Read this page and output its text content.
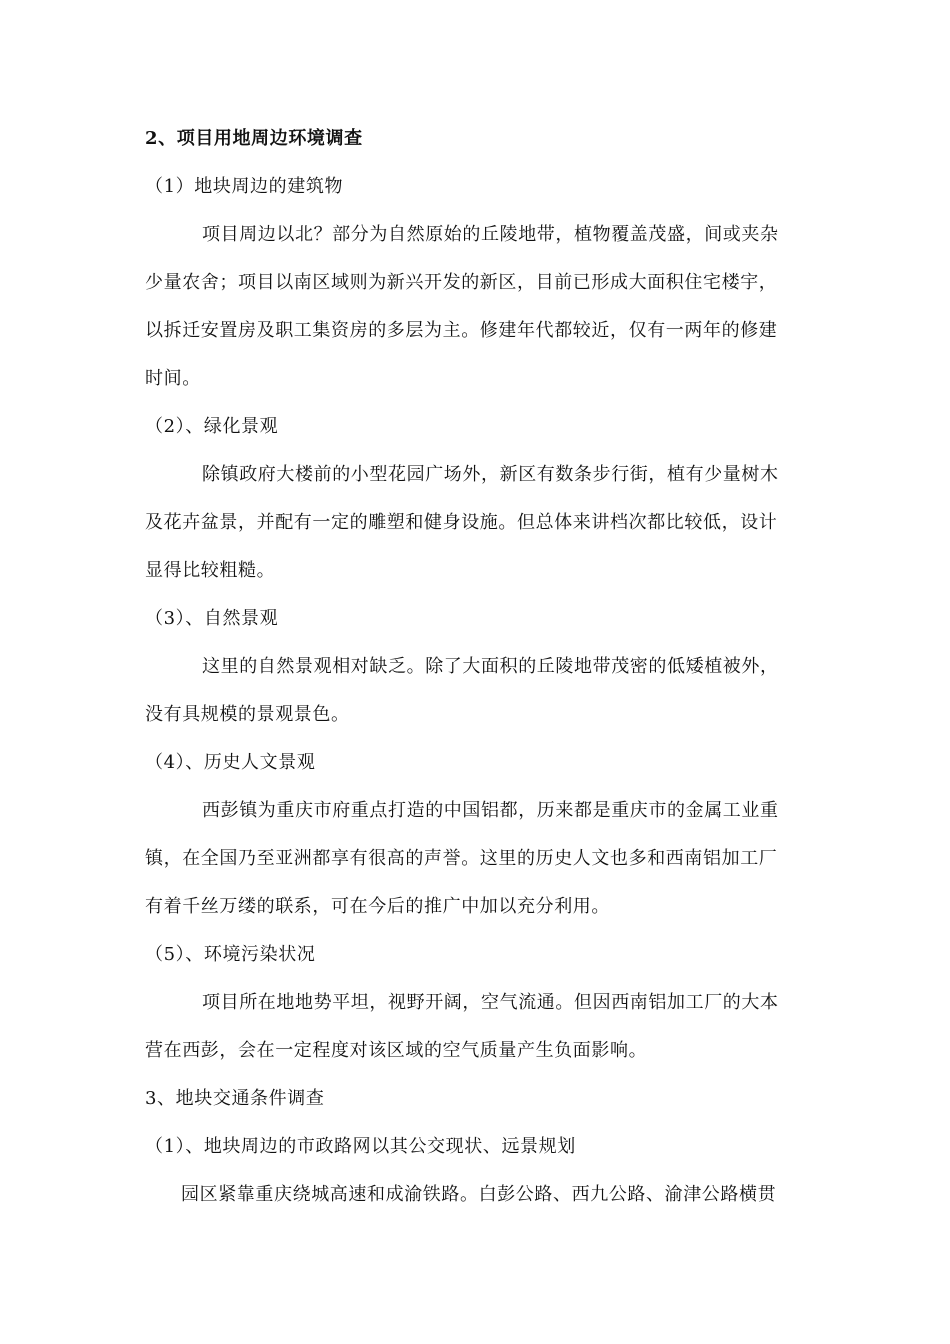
2、项目用地周边环境调查
（1）地块周边的建筑物
项目周边以北？部分为自然原始的丘陵地带，植物覆盖茂盛，间或夹杂
少量农舍；项目以南区域则为新兴开发的新区，目前已形成大面积住宅楼宇，
以拆迁安置房及职工集资房的多层为主。修建年代都较近，仅有一两年的修建
时间。
（2）、绿化景观
除镇政府大楼前的小型花园广场外，新区有数条步行街，植有少量树木
及花卉盆景，并配有一定的雕塑和健身设施。但总体来讲档次都比较低，设计
显得比较粗糙。
（3）、自然景观
这里的自然景观相对缺乏。除了大面积的丘陵地带茂密的低矮植被外，
没有具规模的景观景色。
（4）、历史人文景观
西彭镇为重庆市府重点打造的中国铝都，历来都是重庆市的金属工业重
镇，在全国乃至亚洲都享有很高的声誉。这里的历史人文也多和西南铝加工厂
有着千丝万缕的联系，可在今后的推广中加以充分利用。
（5）、环境污染状况
项目所在地地势平坦，视野开阔，空气流通。但因西南铝加工厂的大本
营在西彭，会在一定程度对该区域的空气质量产生负面影响。
3、地块交通条件调查
（1）、地块周边的市政路网以其公交现状、远景规划
园区紧靠重庆绕城高速和成渝铁路。白彭公路、西九公路、渝津公路横贯
